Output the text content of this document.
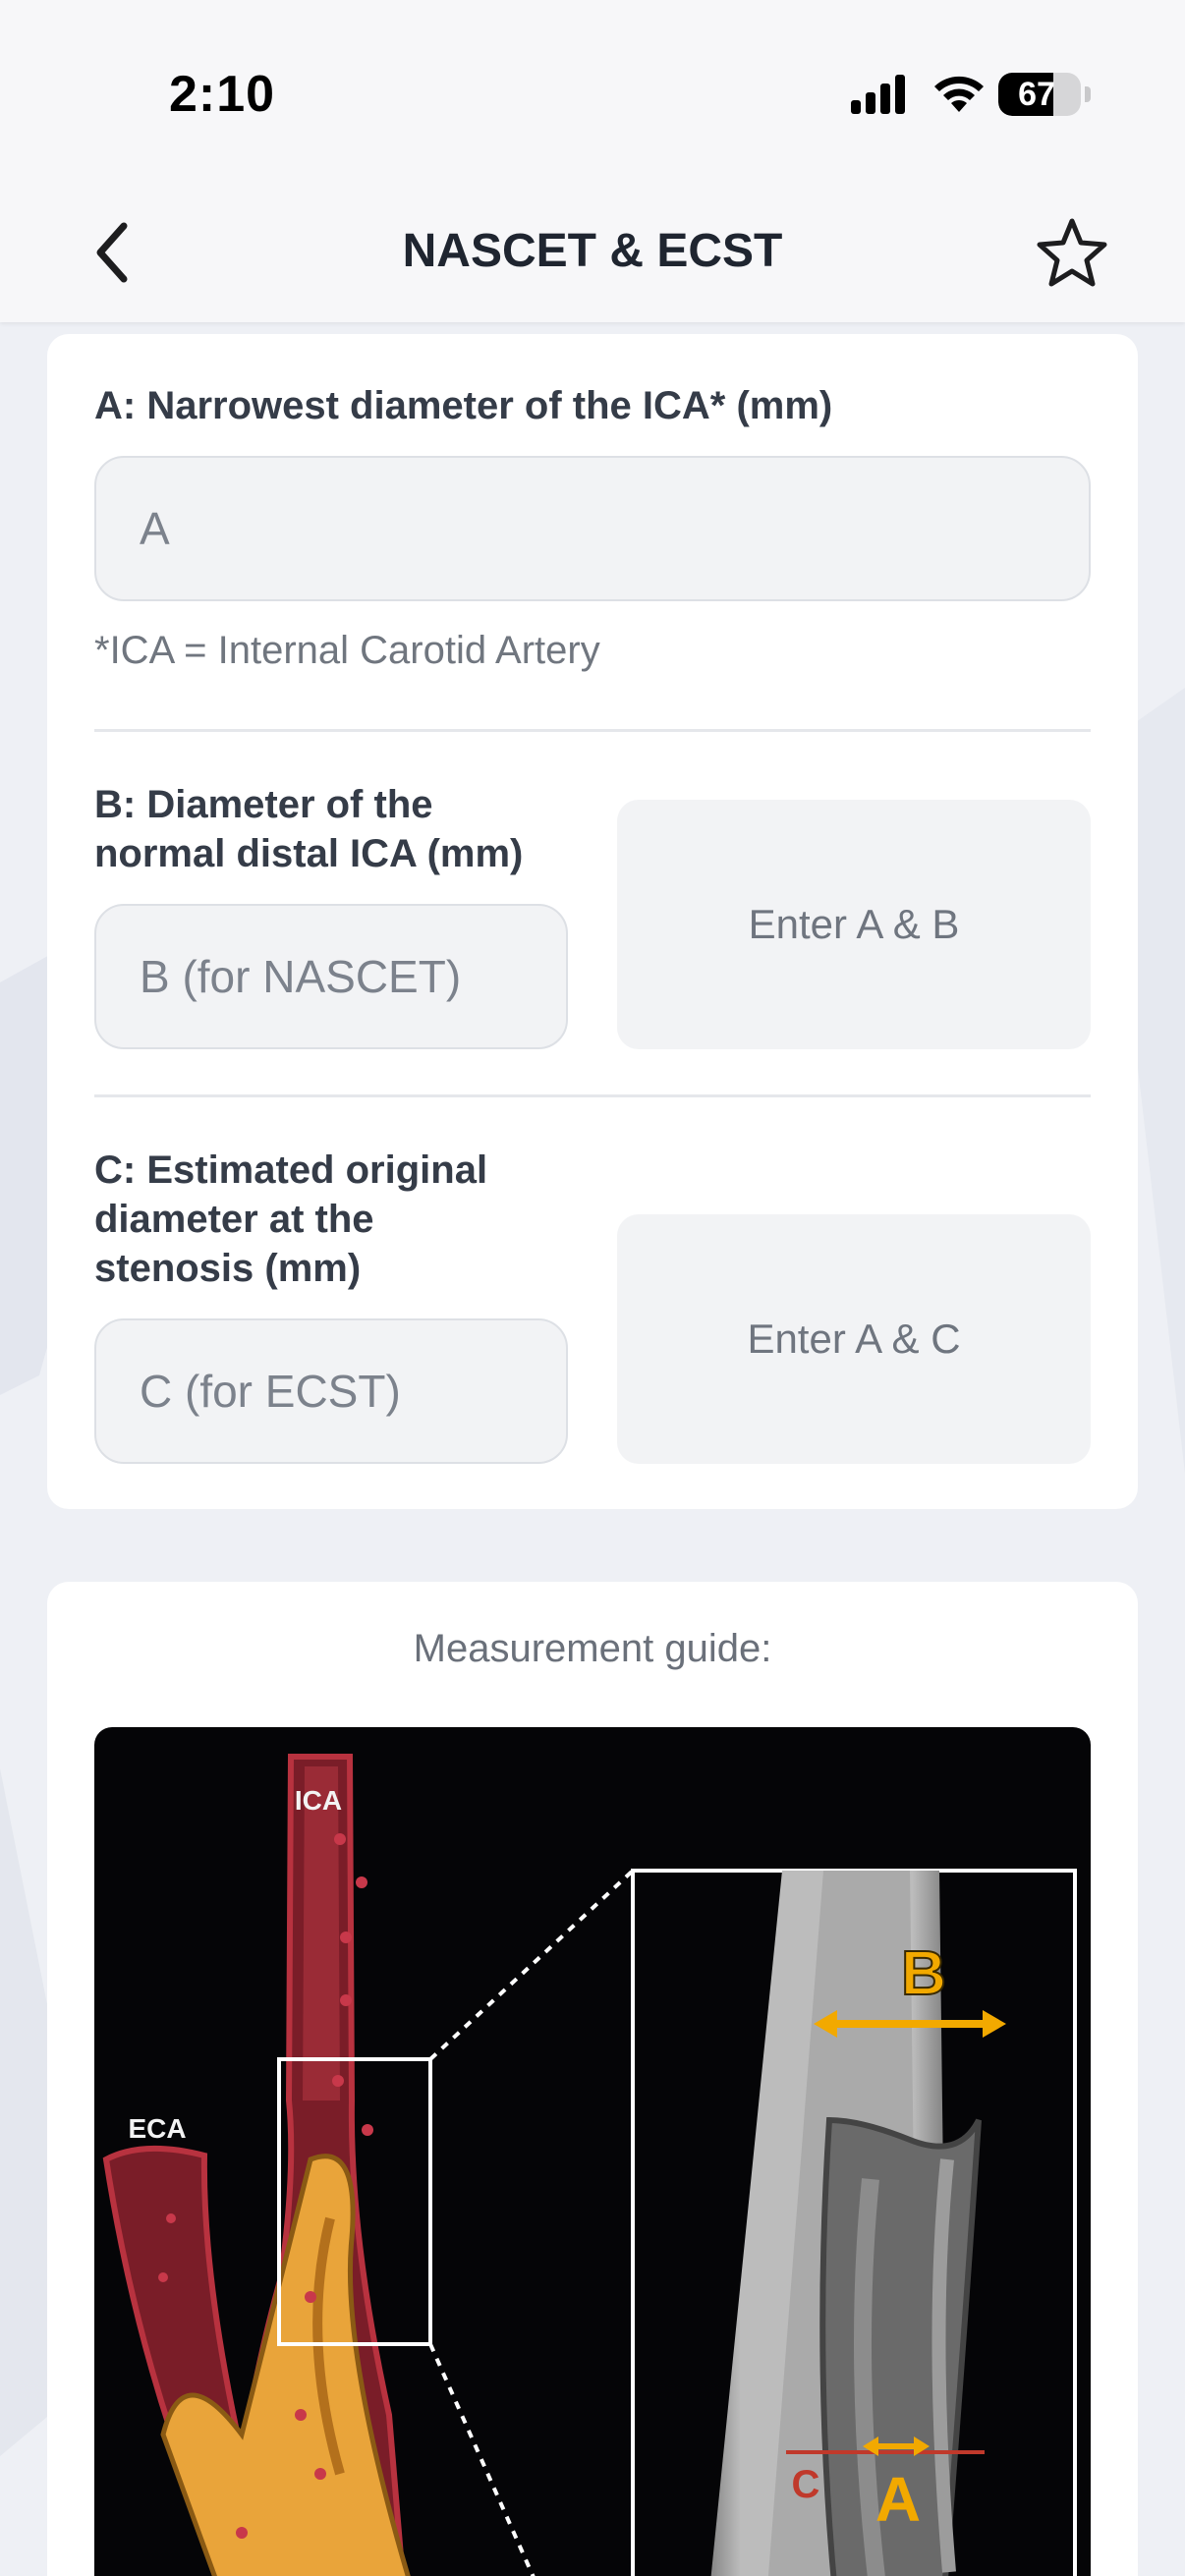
2:10	67
NASCET & ECST
A: Narrowest diameter of the ICA* (mm)
A
*ICA = Internal Carotid Artery
B: Diameter of the
normal distal ICA (mm)
B (for NASCET)
Enter A & B
C: Estimated original
diameter at the
stenosis (mm)
C (for ECST)
Enter A & C
Measurement guide:
ICA
ECA
B
C A
